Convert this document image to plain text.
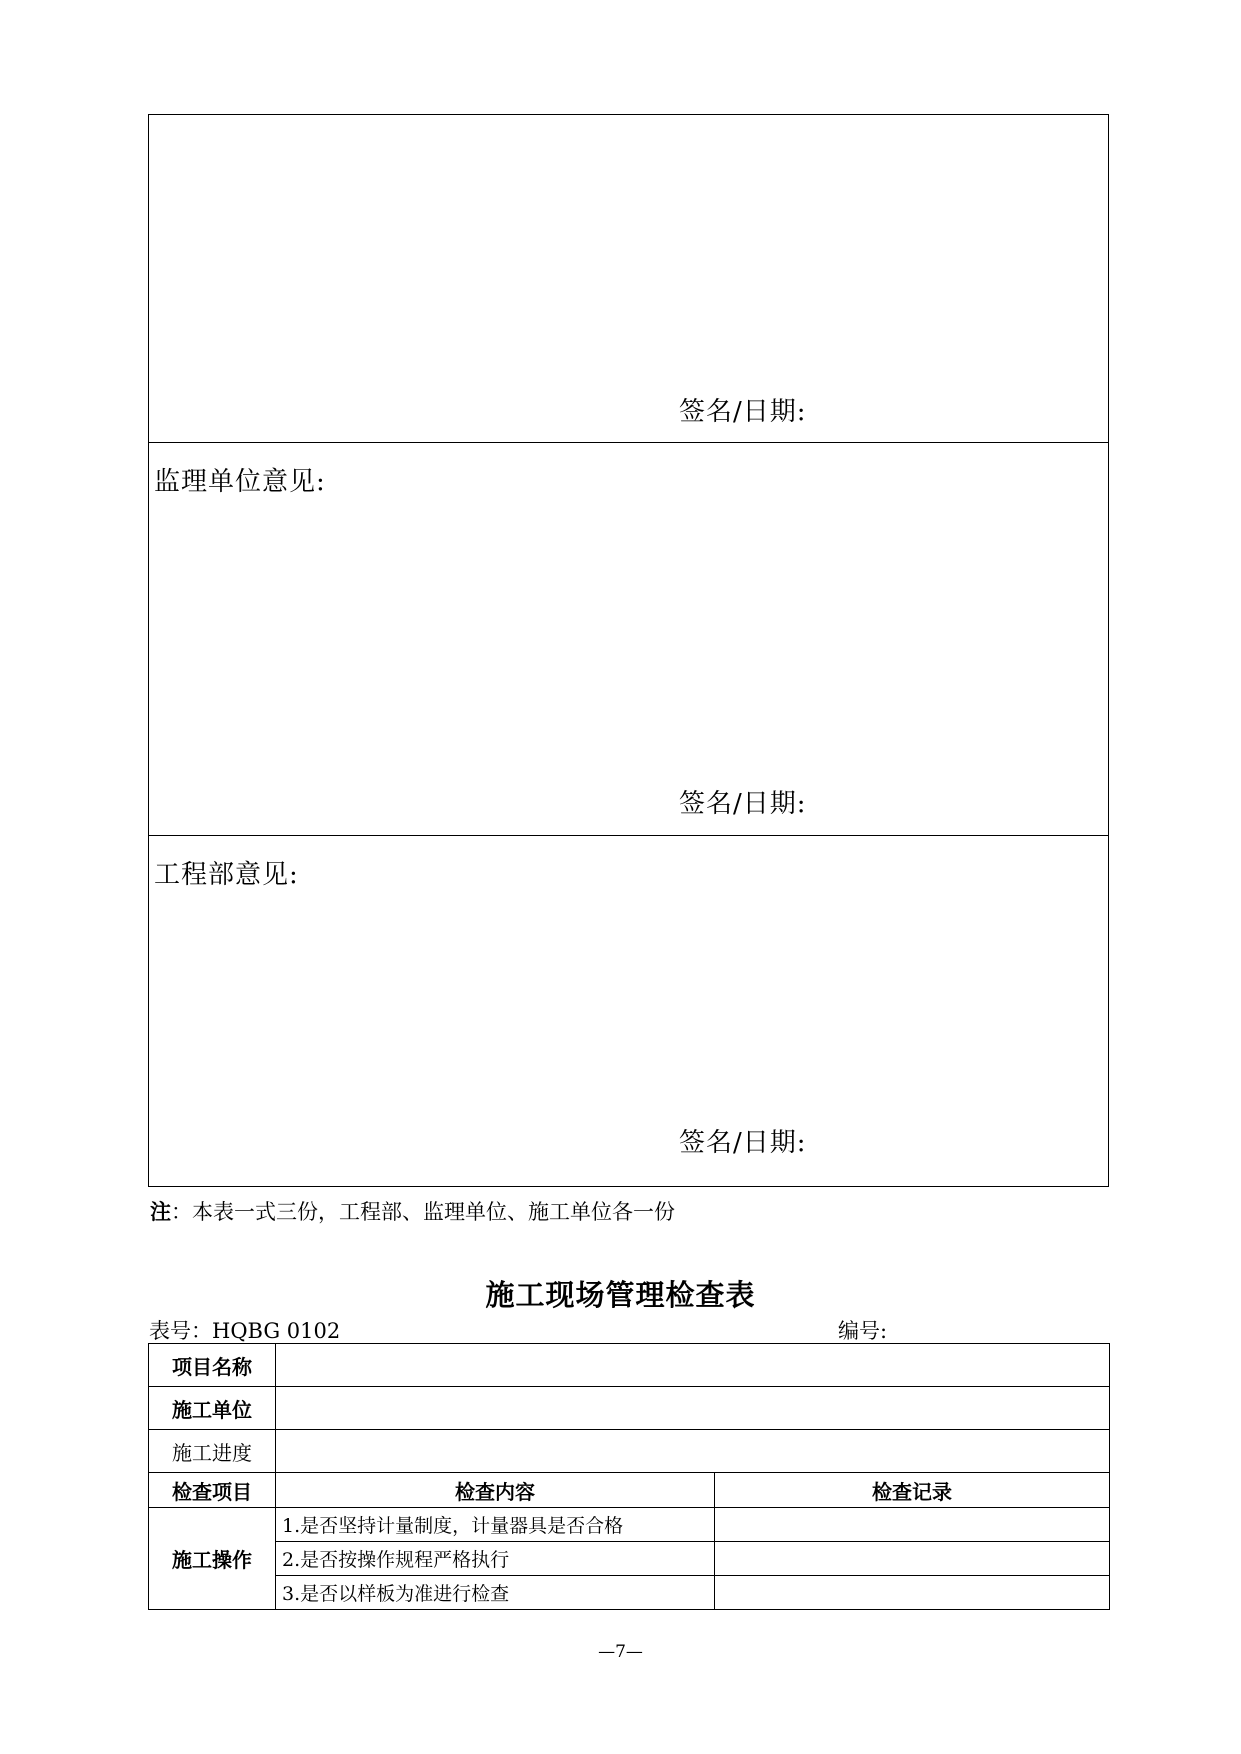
签名/日期:
监理单位意见:
签名/日期:
工程部意见:
签名/日期:
注：本表一式三份，工程部、监理单位、施工单位各一份
施工现场管理检查表
表号：HQBG 0102	编号:
项目名称		
施工单位		
施工进度		
检查项目	检查内容	检查记录
施工操作	1.是否坚持计量制度，计量器具是否合格	
	2.是否按操作规程严格执行	
	3.是否以样板为准进行检查	
—7—
